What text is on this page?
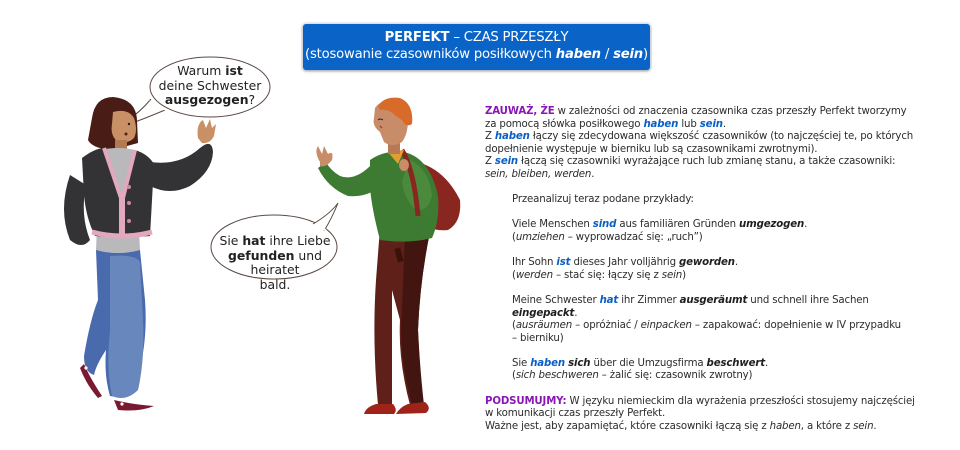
PERFEKT – CZAS PRZESZŁY
(stosowanie czasowników posiłkowych haben / sein)
Warum ist
deine Schwester
ausgezogen?
Sie hat ihre Liebe
gefunden und heiratet
bald.

ZAUWAŻ, ŻE w zależności od znaczenia czasownika czas przeszły Perfekt tworzymy

za pomocą słówka posiłkowego haben lub sein.

Z haben łączy się zdecydowana większość czasowników (to najczęściej te, po których

dopełnienie występuje w bierniku lub są czasownikami zwrotnymi).

Z sein łączą się czasowniki wyrażające ruch lub zmianę stanu, a także czasowniki:

sein, bleiben, werden.

Przeanalizuj teraz podane przykłady:

Viele Menschen sind aus familiären Gründen umgezogen.

(umziehen – wyprowadzać się: „ruch”)

Ihr Sohn ist dieses Jahr volljährig geworden.

(werden – stać się: łączy się z sein)

Meine Schwester hat ihr Zimmer ausgeräumt und schnell ihre Sachen eingepackt.

(ausräumen – opróżniać / einpacken – zapakować: dopełnienie w IV przypadku

– bierniku)

Sie haben sich über die Umzugsfirma beschwert.

(sich beschweren – żalić się: czasownik zwrotny)

PODSUMUJMY: W języku niemieckim dla wyrażenia przeszłości stosujemy najczęściej

w komunikacji czas przeszły Perfekt.

Ważne jest, aby zapamiętać, które czasowniki łączą się z haben, a które z sein.
